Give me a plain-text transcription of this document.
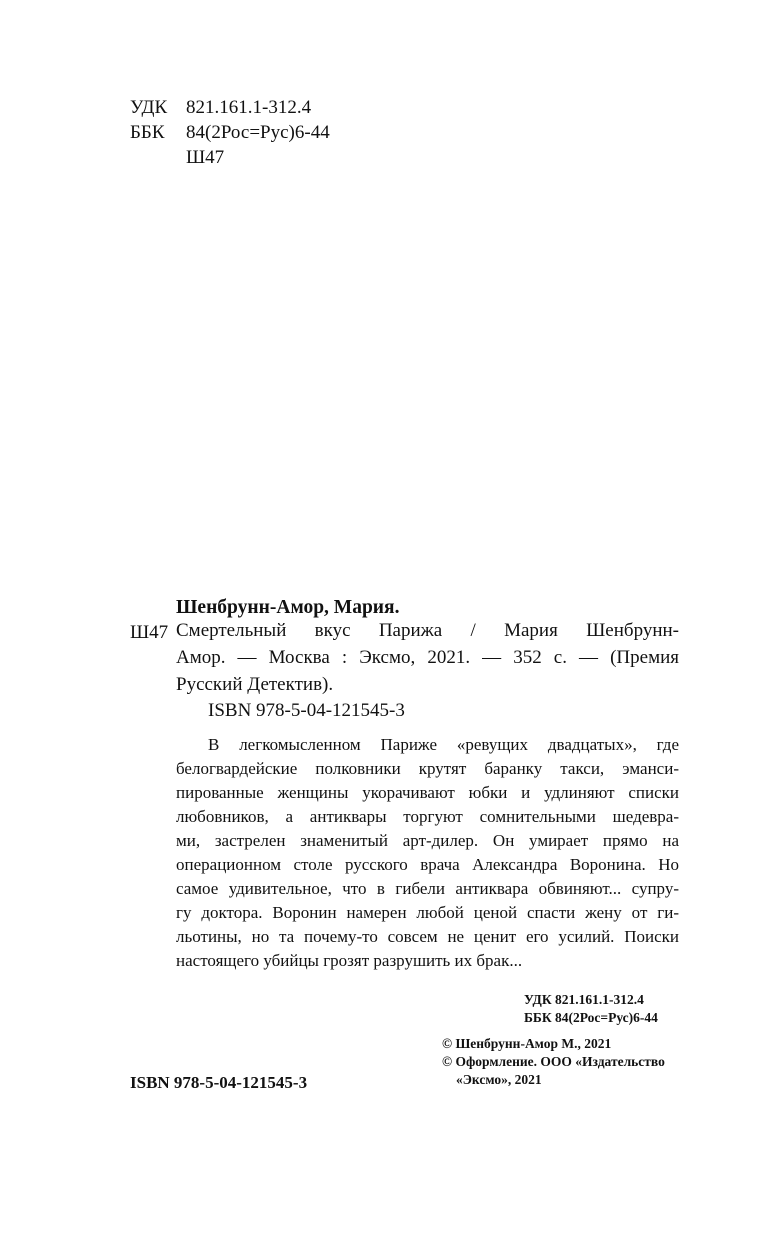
УДК 821.161.1-312.4
ББК 84(2Рос=Рус)6-44
Ш47
Шенбрунн-Амор, Мария.
Ш47 Смертельный вкус Парижа / Мария Шенбрунн-
Амор. — Москва : Эксмо, 2021. — 352 с. — (Премия
Русский Детектив).
ISBN 978-5-04-121545-3
В легкомысленном Париже «ревущих двадцатых», где
белогвардейские полковники крутят баранку такси, эманси-
пированные женщины укорачивают юбки и удлиняют списки
любовников, а антиквары торгуют сомнительными шедевра-
ми, застрелен знаменитый арт-дилер. Он умирает прямо на
операционном столе русского врача Александра Воронина. Но
самое удивительное, что в гибели антиквара обвиняют... супру-
гу доктора. Воронин намерен любой ценой спасти жену от ги-
льотины, но та почему-то совсем не ценит его усилий. Поиски
настоящего убийцы грозят разрушить их брак...
УДК 821.161.1-312.4
ББК 84(2Рос=Рус)6-44
© Шенбрунн-Амор М., 2021
© Оформление. ООО «Издательство
«Эксмо», 2021
ISBN 978-5-04-121545-3
